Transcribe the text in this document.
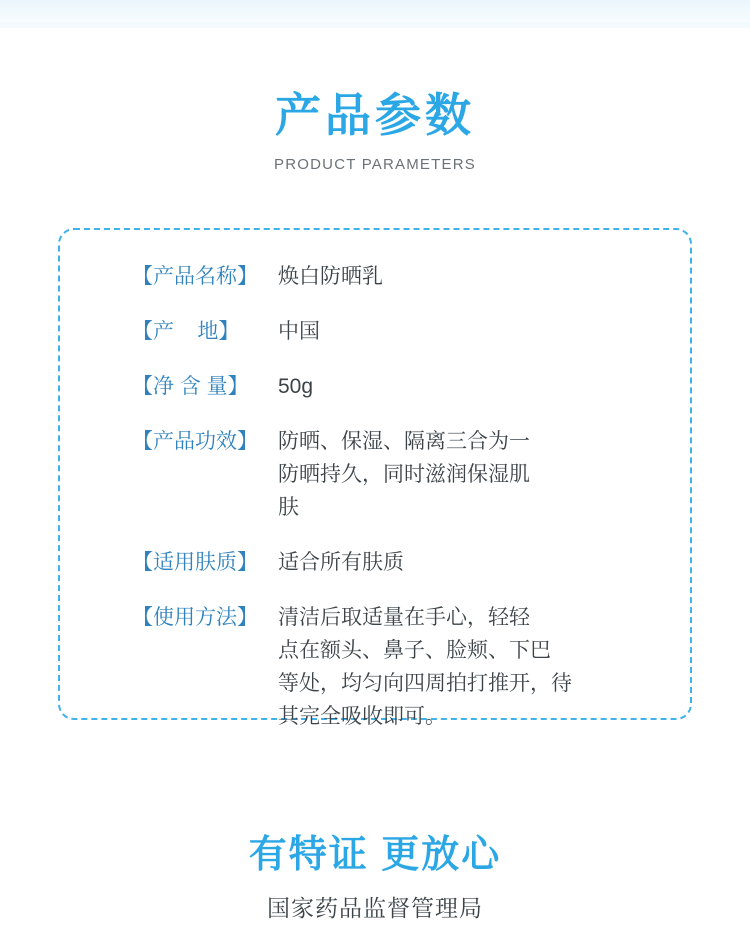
产品参数
PRODUCT PARAMETERS
【产品名称】 焕白防晒乳
【产    地】	中国
【净 含 量】	50g
【产品功效】 防晒、保湿、隔离三合为一
防晒持久，同时滋润保湿肌
肤
【适用肤质】 适合所有肤质
【使用方法】 清洁后取适量在手心，轻轻
点在额头、鼻子、脸颊、下巴
等处，均匀向四周拍打推开，待
其完全吸收即可。
有特证 更放心
国家药品监督管理局
